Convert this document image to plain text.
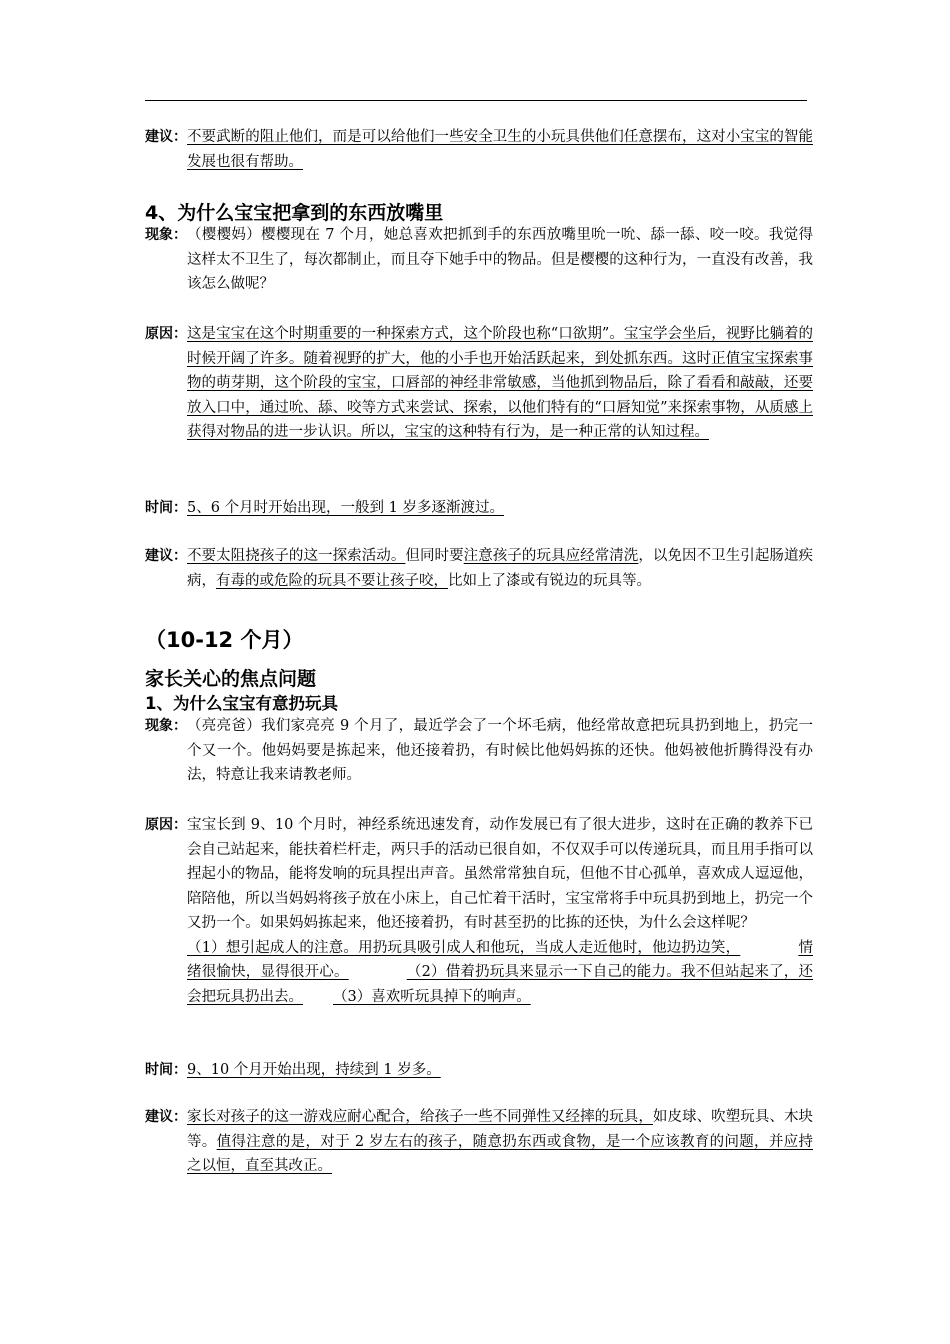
建议： 不要武断的阻止他们，而是可以给他们一些安全卫生的小玩具供他们任意摆布，这对小宝宝的智能发展也很有帮助。
4、为什么宝宝把拿到的东西放嘴里
现象： （樱樱妈）樱樱现在 7 个月，她总喜欢把抓到手的东西放嘴里吮一吮、舔一舔、咬一咬。我觉得这样太不卫生了，每次都制止，而且夺下她手中的物品。但是樱樱的这种行为，一直没有改善，我该怎么做呢？
原因： 这是宝宝在这个时期重要的一种探索方式，这个阶段也称“口欲期”。宝宝学会坐后，视野比躺着的时候开阔了许多。随着视野的扩大，他的小手也开始活跃起来，到处抓东西。这时正值宝宝探索事物的萌芽期，这个阶段的宝宝，口唇部的神经非常敏感，当他抓到物品后，除了看看和敲敲，还要放入口中，通过吮、舔、咬等方式来尝试、探索，以他们特有的“口唇知觉”来探索事物，从质感上获得对物品的进一步认识。所以，宝宝的这种特有行为，是一种正常的认知过程。
时间： 5、6 个月时开始出现，一般到 1 岁多逐渐渡过。
建议： 不要太阻挠孩子的这一探索活动。但同时要注意孩子的玩具应经常清洗，以免因不卫生引起肠道疾病，有毒的或危险的玩具不要让孩子咬，比如上了漆或有锐边的玩具等。
（10-12 个月）
家长关心的焦点问题
1、为什么宝宝有意扔玩具
现象： （亮亮爸）我们家亮亮 9 个月了，最近学会了一个坏毛病，他经常故意把玩具扔到地上，扔完一个又一个。他妈妈要是拣起来，他还接着扔，有时候比他妈妈拣的还快。他妈被他折腾得没有办法，特意让我来请教老师。
原因： 宝宝长到 9、10 个月时，神经系统迅速发育，动作发展已有了很大进步，这时在正确的教养下已会自己站起来，能扶着栏杆走，两只手的活动已很自如，不仅双手可以传递玩具，而且用手指可以捏起小的物品，能将发响的玩具捏出声音。虽然常常独自玩，但他不甘心孤单，喜欢成人逗逗他，陪陪他，所以当妈妈将孩子放在小床上，自己忙着干活时，宝宝常将手中玩具扔到地上，扔完一个又扔一个。如果妈妈拣起来，他还接着扔，有时甚至扔的比拣的还快，为什么会这样呢？（1）想引起成人的注意。用扔玩具吸引成人和他玩，当成人走近他时，他边扔边笑，	情绪很愉快，显得很开心。	（2）借着扔玩具来显示一下自己的能力。我不但站起来了，还会把玩具扔出去。 （3）喜欢听玩具掉下的响声。
时间： 9、10 个月开始出现，持续到 1 岁多。
建议： 家长对孩子的这一游戏应耐心配合，给孩子一些不同弹性又经摔的玩具，如皮球、吹塑玩具、木块等。值得注意的是，对于 2 岁左右的孩子，随意扔东西或食物，是一个应该教育的问题，并应持之以恒，直至其改正。
